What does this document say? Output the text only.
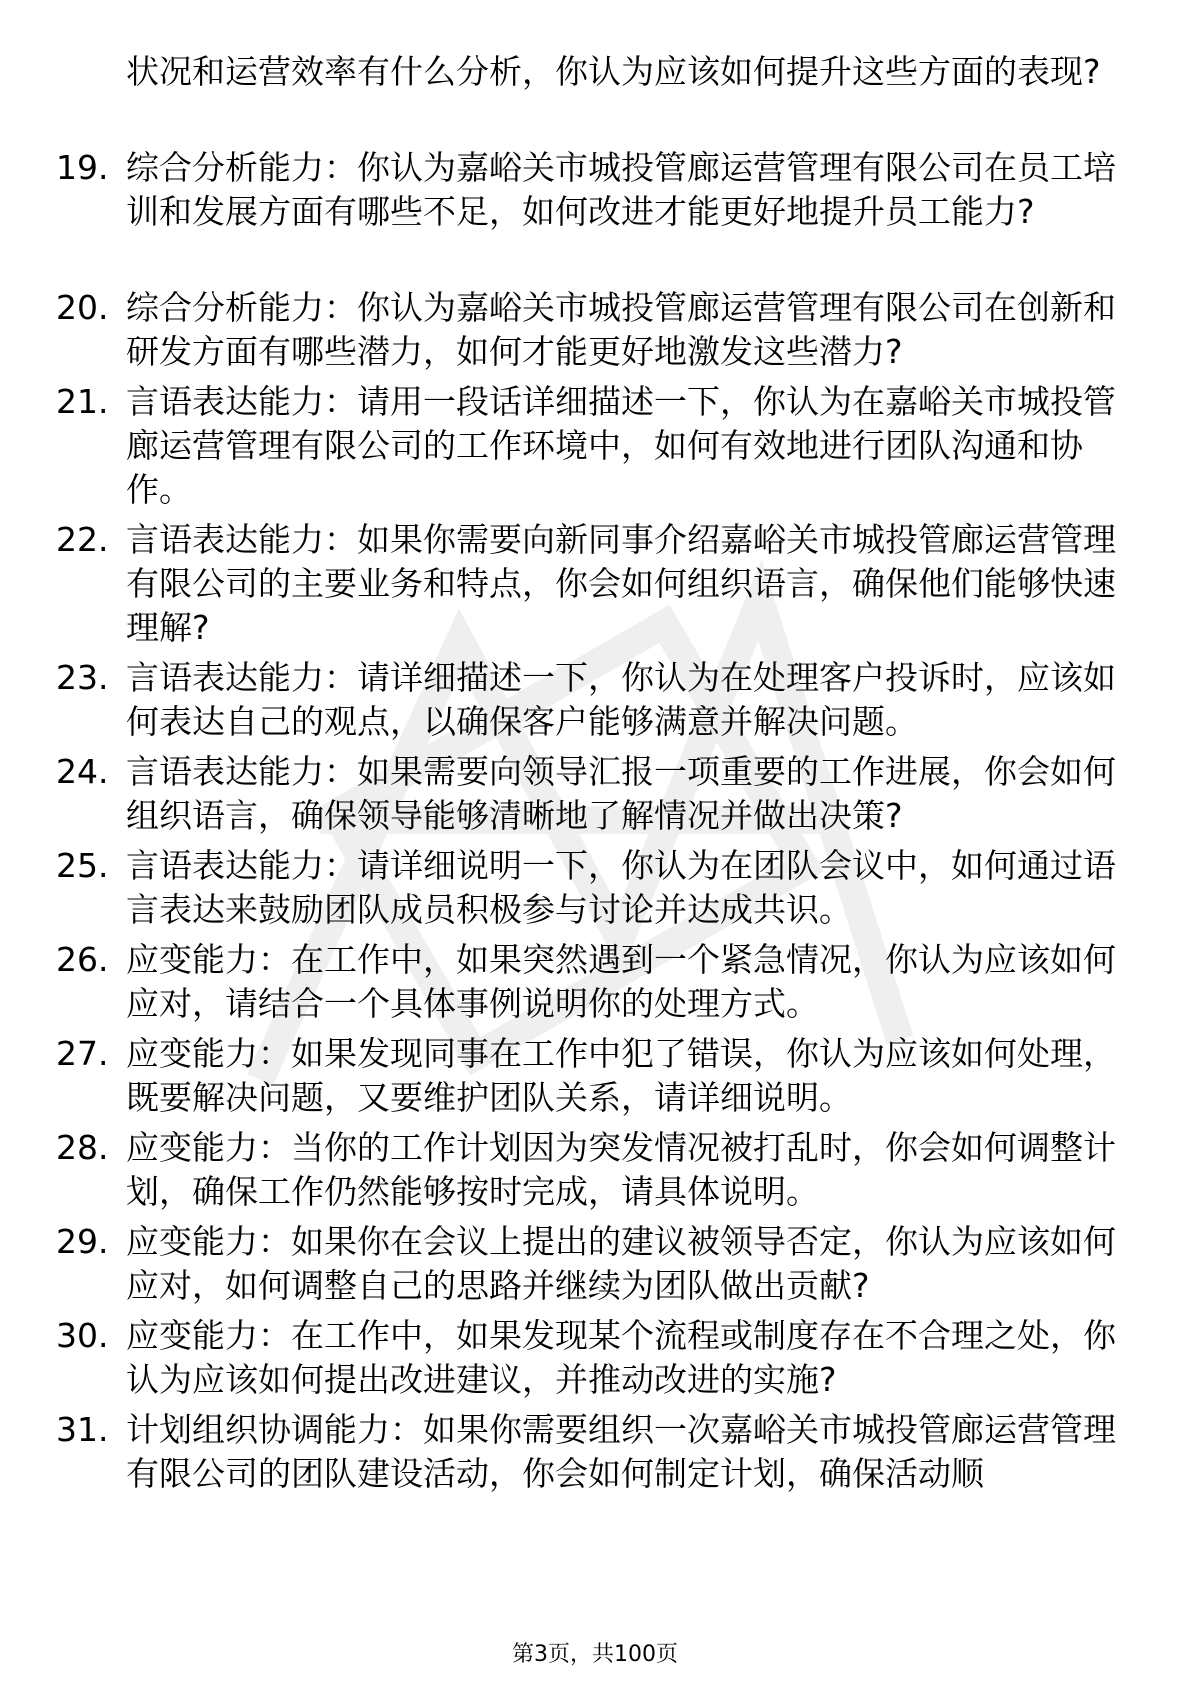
状况和运营效率有什么分析，你认为应该如何提升这些方面的表现?

19. 综合分析能力：你认为嘉峪关市城投管廊运营管理有限公司在员工培训和发展方面有哪些不足，如何改进才能更好地提升员工能力?

20. 综合分析能力：你认为嘉峪关市城投管廊运营管理有限公司在创新和研发方面有哪些潜力，如何才能更好地激发这些潜力?

21. 言语表达能力：请用一段话详细描述一下，你认为在嘉峪关市城投管廊运营管理有限公司的工作环境中，如何有效地进行团队沟通和协作。

22. 言语表达能力：如果你需要向新同事介绍嘉峪关市城投管廊运营管理有限公司的主要业务和特点，你会如何组织语言，确保他们能够快速理解?

23. 言语表达能力：请详细描述一下，你认为在处理客户投诉时，应该如何表达自己的观点，以确保客户能够满意并解决问题。

24. 言语表达能力：如果需要向领导汇报一项重要的工作进展，你会如何组织语言，确保领导能够清晰地了解情况并做出决策?

25. 言语表达能力：请详细说明一下，你认为在团队会议中，如何通过语言表达来鼓励团队成员积极参与讨论并达成共识。

26. 应变能力：在工作中，如果突然遇到一个紧急情况，你认为应该如何应对，请结合一个具体事例说明你的处理方式。

27. 应变能力：如果发现同事在工作中犯了错误，你认为应该如何处理，既要解决问题，又要维护团队关系，请详细说明。

28. 应变能力：当你的工作计划因为突发情况被打乱时，你会如何调整计划，确保工作仍然能够按时完成，请具体说明。

29. 应变能力：如果你在会议上提出的建议被领导否定，你认为应该如何应对，如何调整自己的思路并继续为团队做出贡献?

30. 应变能力：在工作中，如果发现某个流程或制度存在不合理之处，你认为应该如何提出改进建议，并推动改进的实施?

31. 计划组织协调能力：如果你需要组织一次嘉峪关市城投管廊运营管理有限公司的团队建设活动，你会如何制定计划，确保活动顺

第3页，共100页
